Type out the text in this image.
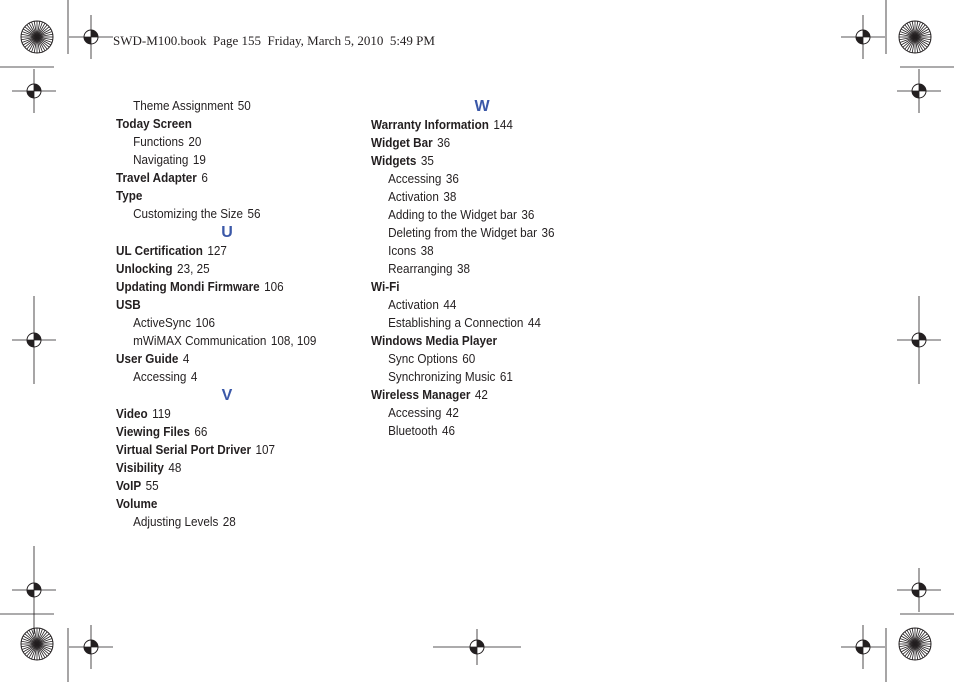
SWD-M100.book  Page 155  Friday, March 5, 2010  5:49 PM
Theme Assignment 50
Today Screen
Functions 20
Navigating 19
Travel Adapter 6
Type
Customizing the Size 56
U
UL Certification 127
Unlocking 23, 25
Updating Mondi Firmware 106
USB
ActiveSync 106
mWiMAX Communication 108, 109
User Guide 4
Accessing 4
V
Video 119
Viewing Files 66
Virtual Serial Port Driver 107
Visibility 48
VoIP 55
Volume
Adjusting Levels 28
W
Warranty Information 144
Widget Bar 36
Widgets 35
Accessing 36
Activation 38
Adding to the Widget bar 36
Deleting from the Widget bar 36
Icons 38
Rearranging 38
Wi-Fi
Activation 44
Establishing a Connection 44
Windows Media Player
Sync Options 60
Synchronizing Music 61
Wireless Manager 42
Accessing 42
Bluetooth 46
